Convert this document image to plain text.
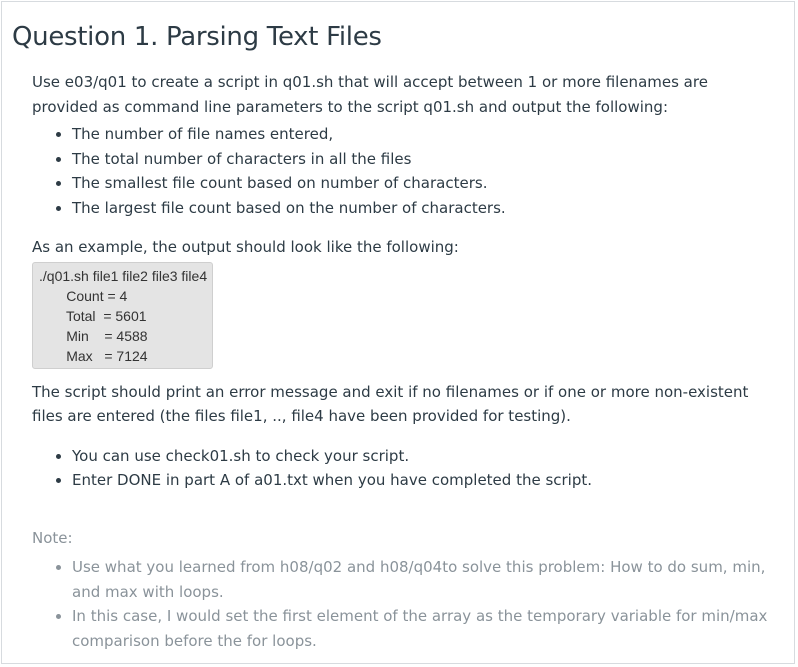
Question 1. Parsing Text Files

Use e03/q01 to create a script in q01.sh that will accept between 1 or more filenames are provided as command line parameters to the script q01.sh and output the following:

• The number of file names entered,
• The total number of characters in all the files
• The smallest file count based on number of characters.
• The largest file count based on the number of characters.

As an example, the output should look like the following:

./q01.sh file1 file2 file3 file4
Count = 4
Total  = 5601
Min    = 4588
Max   = 7124

The script should print an error message and exit if no filenames or if one or more non-existent files are entered (the files file1, .., file4 have been provided for testing).

• You can use check01.sh to check your script.
• Enter DONE in part A of a01.txt when you have completed the script.

Note:

• Use what you learned from h08/q02 and h08/q04to solve this problem: How to do sum, min, and max with loops.
• In this case, I would set the first element of the array as the temporary variable for min/max comparison before the for loops.
